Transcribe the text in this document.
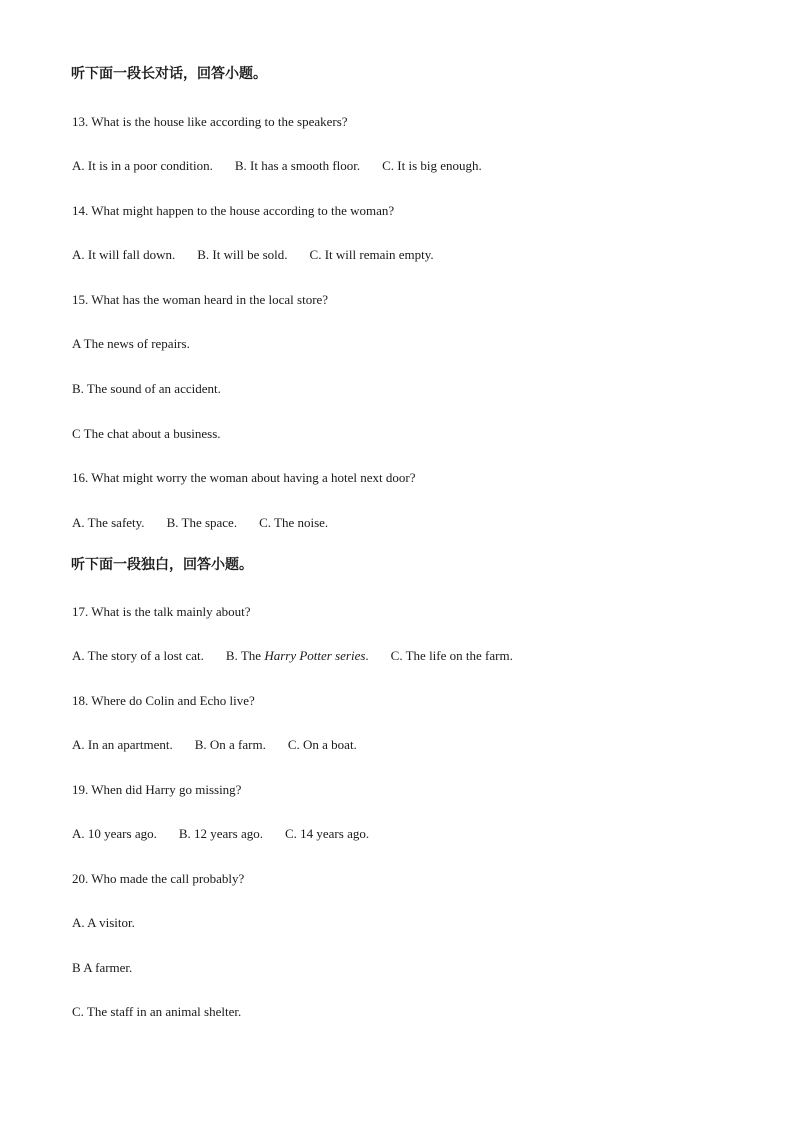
听下面一段长对话，回答小题。
13. What is the house like according to the speakers?
A. It is in a poor condition. B. It has a smooth floor. C. It is big enough.
14. What might happen to the house according to the woman?
A. It will fall down. B. It will be sold. C. It will remain empty.
15. What has the woman heard in the local store?
A The news of repairs.
B. The sound of an accident.
C The chat about a business.
16. What might worry the woman about having a hotel next door?
A. The safety. B. The space. C. The noise.
听下面一段独白，回答小题。
17. What is the talk mainly about?
A. The story of a lost cat. B. The Harry Potter series. C. The life on the farm.
18. Where do Colin and Echo live?
A. In an apartment. B. On a farm. C. On a boat.
19. When did Harry go missing?
A. 10 years ago. B. 12 years ago. C. 14 years ago.
20. Who made the call probably?
A. A visitor.
B A farmer.
C. The staff in an animal shelter.
